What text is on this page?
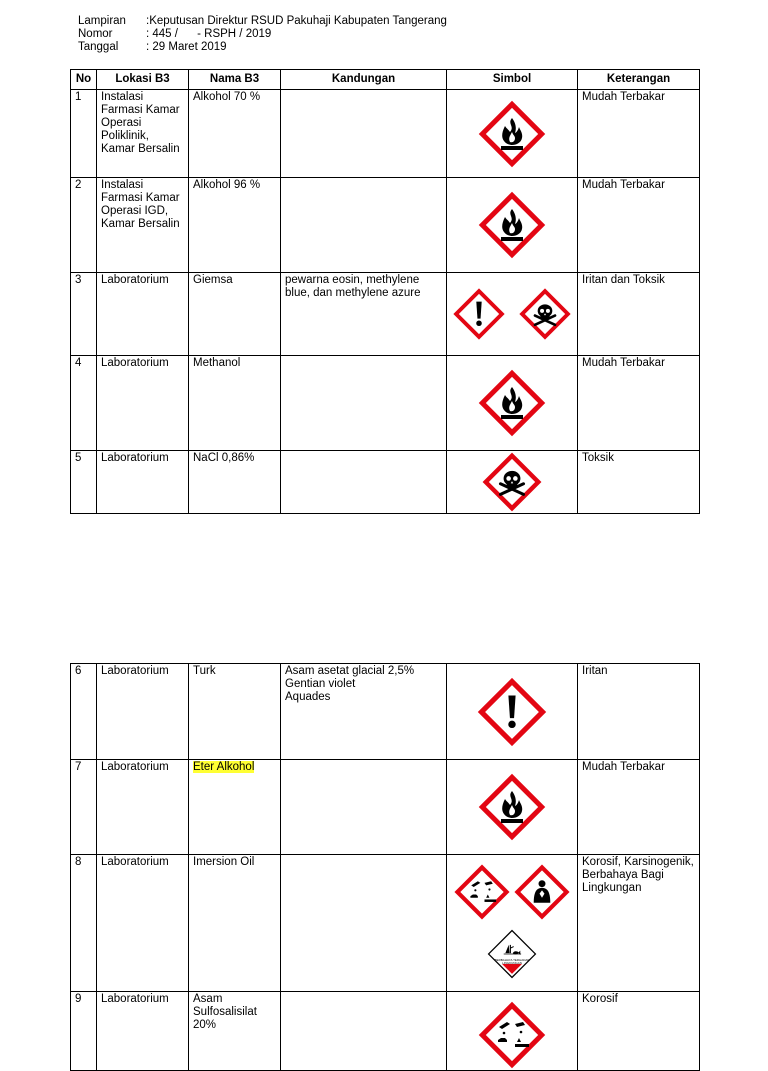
Lampiran	:Keputusan Direktur RSUD Pakuhaji Kabupaten Tangerang
Nomor	: 445 /      - RSPH / 2019
Tanggal	: 29 Maret 2019
No	Lokasi B3	Nama B3	Kandungan	Simbol	Keterangan
1	Instalasi Farmasi Kamar Operasi Poliklinik, Kamar Bersalin	Alkohol 70 %			Mudah Terbakar
2	Instalasi Farmasi Kamar Operasi IGD, Kamar Bersalin	Alkohol 96 %			Mudah Terbakar
3	Laboratorium	Giemsa	pewarna eosin, methylene blue, dan methylene azure		Iritan dan Toksik
4	Laboratorium	Methanol			Mudah Terbakar
5	Laboratorium	NaCl 0,86%			Toksik
6	Laboratorium	Turk	Asam asetat glacial 2,5%
Gentian violet
Aquades		Iritan
7	Laboratorium	Eter Alkohol			Mudah Terbakar
8	Laboratorium	Imersion Oil		BERBAHAYA TERHADAP LINGKUNGAN	Korosif, Karsinogenik, Berbahaya Bagi Lingkungan
9	Laboratorium	Asam Sulfosalisilat 20%			Korosif
